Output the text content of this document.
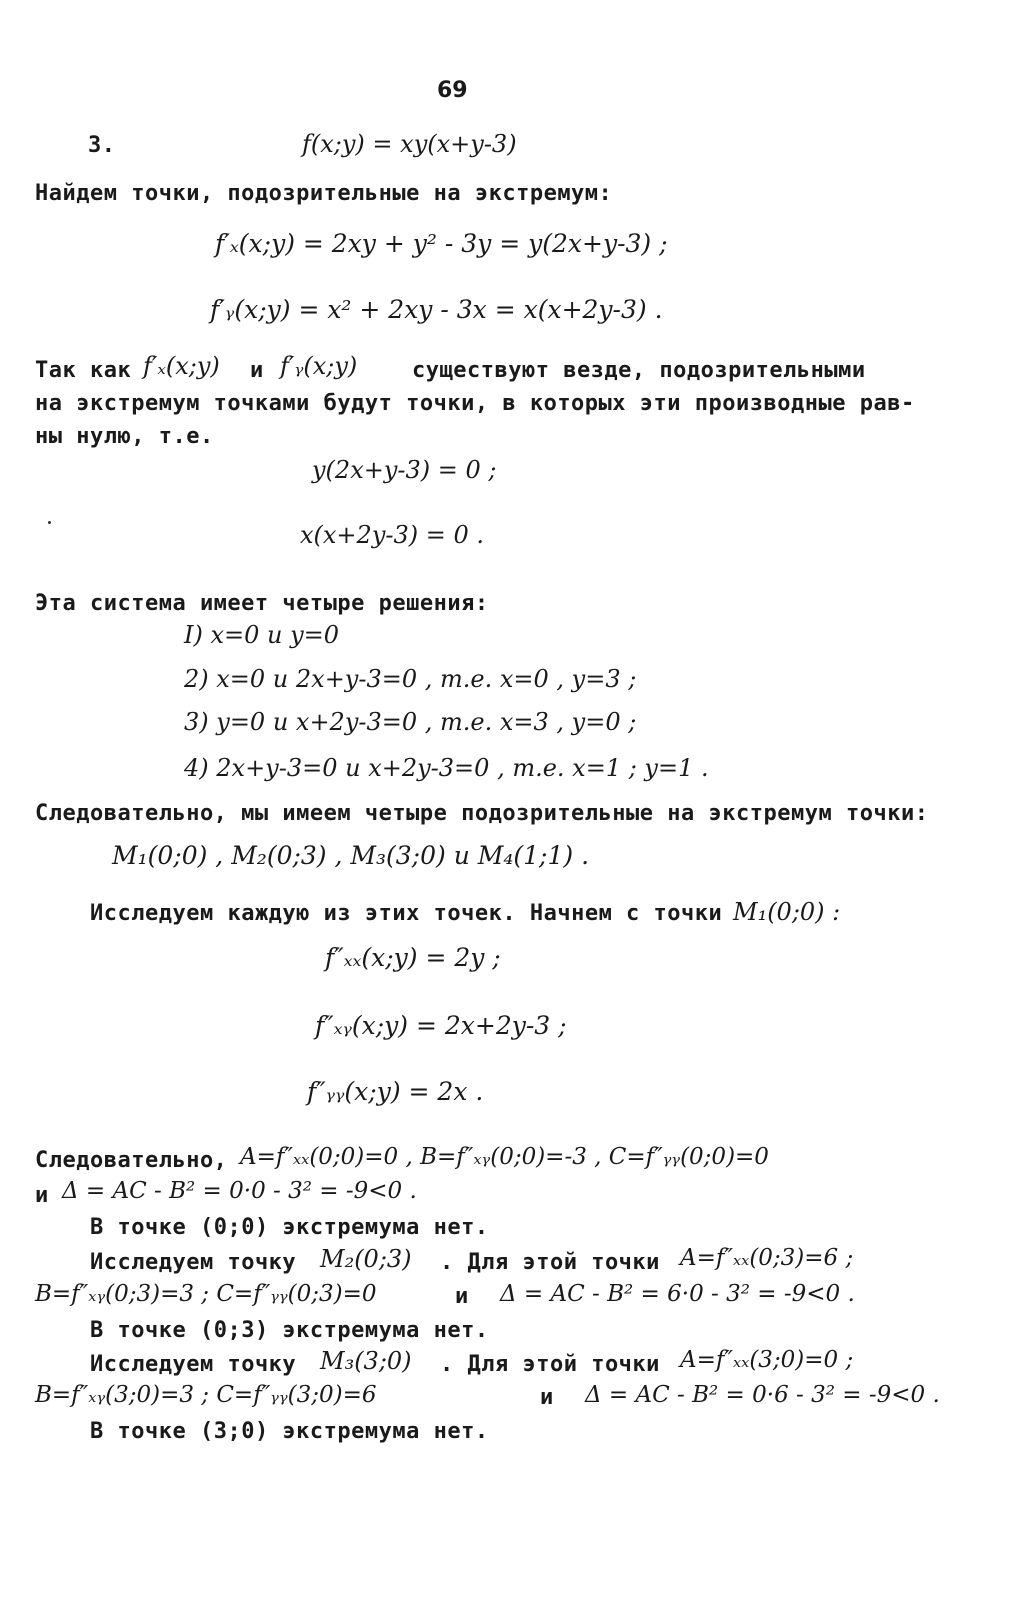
69
3.	f(x;y) = xy(x+y-3)
Найдем точки, подозрительные на экстремум:
f′ₓ(x;y) = 2xy + y² - 3y = y(2x+y-3) ;
f′ᵧ(x;y) = x² + 2xy - 3x = x(x+2y-3) .
Так как f′ₓ(x;y) и f′ᵧ(x;y) существуют везде, подозрительными
на экстремум точками будут точки, в которых эти производные рав-
ны нулю, т.е.
y(2x+y-3) = 0 ;
x(x+2y-3) = 0 .
Эта система имеет четыре решения:
I) x=0 и y=0
2) x=0 и 2x+y-3=0 , т.е. x=0 , y=3 ;
3) y=0 и x+2y-3=0 , т.е. x=3 , y=0 ;
4) 2x+y-3=0 и x+2y-3=0 , т.е. x=1 ; y=1 .
Следовательно, мы имеем четыре подозрительные на экстремум точки:
M₁(0;0) , M₂(0;3) , M₃(3;0) и M₄(1;1) .
Исследуем каждую из этих точек. Начнем с точки M₁(0;0) :
f″ₓₓ(x;y) = 2y ;
f″ₓᵧ(x;y) = 2x+2y-3 ;
f″ᵧᵧ(x;y) = 2x .
Следовательно, A=f″ₓₓ(0;0)=0 , B=f″ₓᵧ(0;0)=-3 , C=f″ᵧᵧ(0;0)=0
и Δ = AC - B² = 0·0 - 3² = -9<0 .
В точке (0;0) экстремума нет.
Исследуем точку M₂(0;3) . Для этой точки A=f″ₓₓ(0;3)=6 ;
B=f″ₓᵧ(0;3)=3 ; C=f″ᵧᵧ(0;3)=0	и Δ = AC - B² = 6·0 - 3² = -9<0 .
В точке (0;3) экстремума нет.
Исследуем точку M₃(3;0) . Для этой точки A=f″ₓₓ(3;0)=0 ;
B=f″ₓᵧ(3;0)=3 ; C=f″ᵧᵧ(3;0)=6	и Δ = AC - B² = 0·6 - 3² = -9<0 .
В точке (3;0) экстремума нет.
